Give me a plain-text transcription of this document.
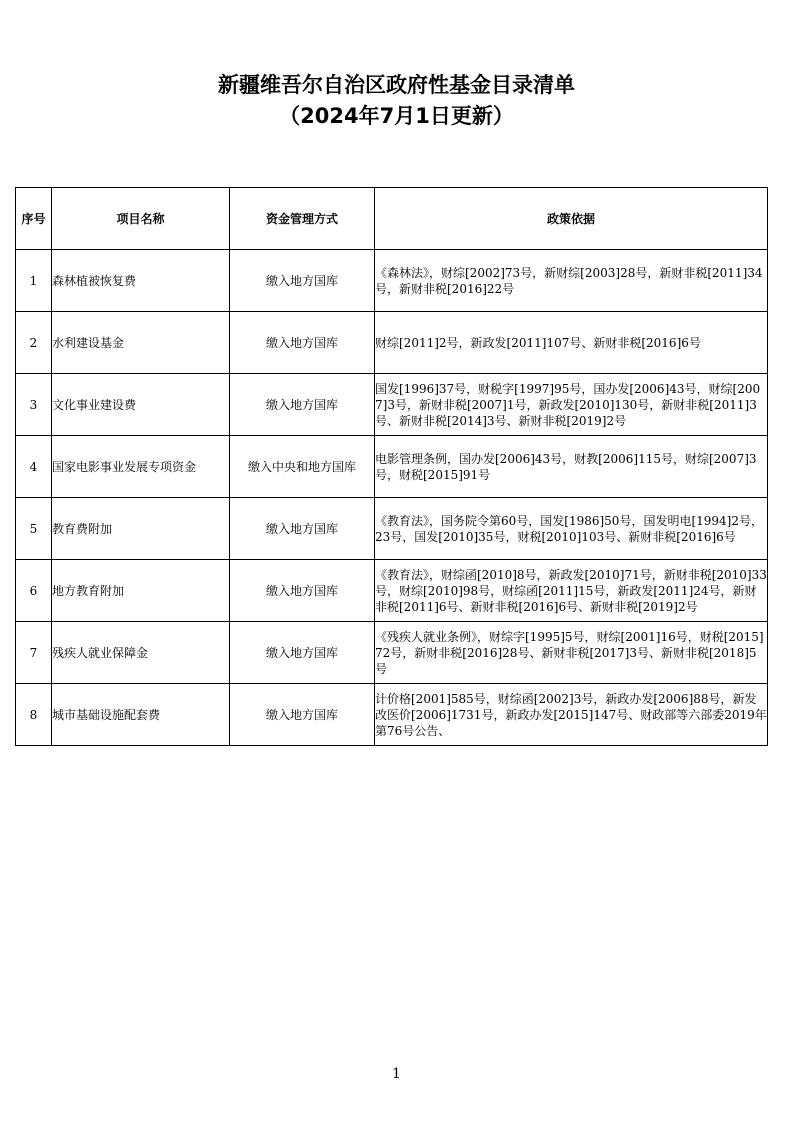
新疆维吾尔自治区政府性基金目录清单
（2024年7月1日更新）
序号	项目名称	资金管理方式	政策依据
1	森林植被恢复费	缴入地方国库	《森林法》，财综[2002]73号，新财综[2003]28号，新财非税[2011]34号，新财非税[2016]22号
2	水利建设基金	缴入地方国库	财综[2011]2号，新政发[2011]107号、新财非税[2016]6号
3	文化事业建设费	缴入地方国库	国发[1996]37号，财税字[1997]95号，国办发[2006]43号，财综[2007]3号，新财非税[2007]1号，新政发[2010]130号，新财非税[2011]3号、新财非税[2014]3号、新财非税[2019]2号
4	国家电影事业发展专项资金	缴入中央和地方国库	电影管理条例，国办发[2006]43号，财教[2006]115号，财综[2007]3号，财税[2015]91号
5	教育费附加	缴入地方国库	《教育法》，国务院令第60号，国发[1986]50号，国发明电[1994]2号，23号，国发[2010]35号，财税[2010]103号、新财非税[2016]6号
6	地方教育附加	缴入地方国库	《教育法》，财综函[2010]8号，新政发[2010]71号，新财非税[2010]33号，财综[2010]98号，财综函[2011]15号，新政发[2011]24号，新财非税[2011]6号、新财非税[2016]6号、新财非税[2019]2号
7	残疾人就业保障金	缴入地方国库	《残疾人就业条例》，财综字[1995]5号，财综[2001]16号，财税[2015]72号，新财非税[2016]28号、新财非税[2017]3号、新财非税[2018]5号
8	城市基础设施配套费	缴入地方国库	计价格[2001]585号，财综函[2002]3号，新政办发[2006]88号，新发改医价[2006]1731号，新政办发[2015]147号、财政部等六部委2019年第76号公告、
1
